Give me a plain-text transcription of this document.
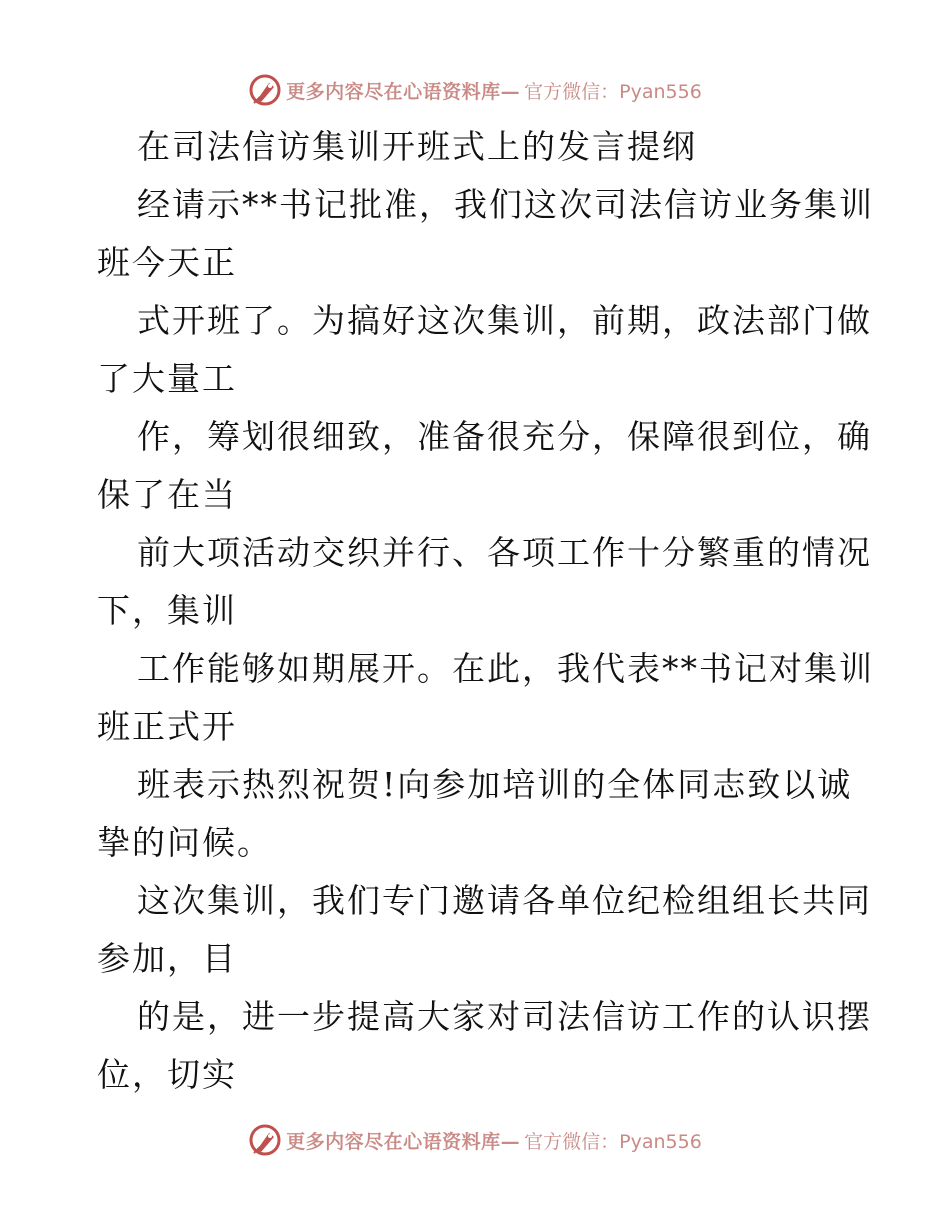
更多内容尽在心语资料库— 官方微信：Pyan556
在司法信访集训开班式上的发言提纲
经请示**书记批准，我们这次司法信访业务集训
班今天正
式开班了。为搞好这次集训，前期，政法部门做
了大量工
作，筹划很细致，准备很充分，保障很到位，确
保了在当
前大项活动交织并行、各项工作十分繁重的情况
下，集训
工作能够如期展开。在此，我代表**书记对集训
班正式开
班表示热烈祝贺!向参加培训的全体同志致以诚
挚的问候。
这次集训，我们专门邀请各单位纪检组组长共同
参加，目
的是，进一步提高大家对司法信访工作的认识摆
位，切实
更多内容尽在心语资料库— 官方微信：Pyan556
